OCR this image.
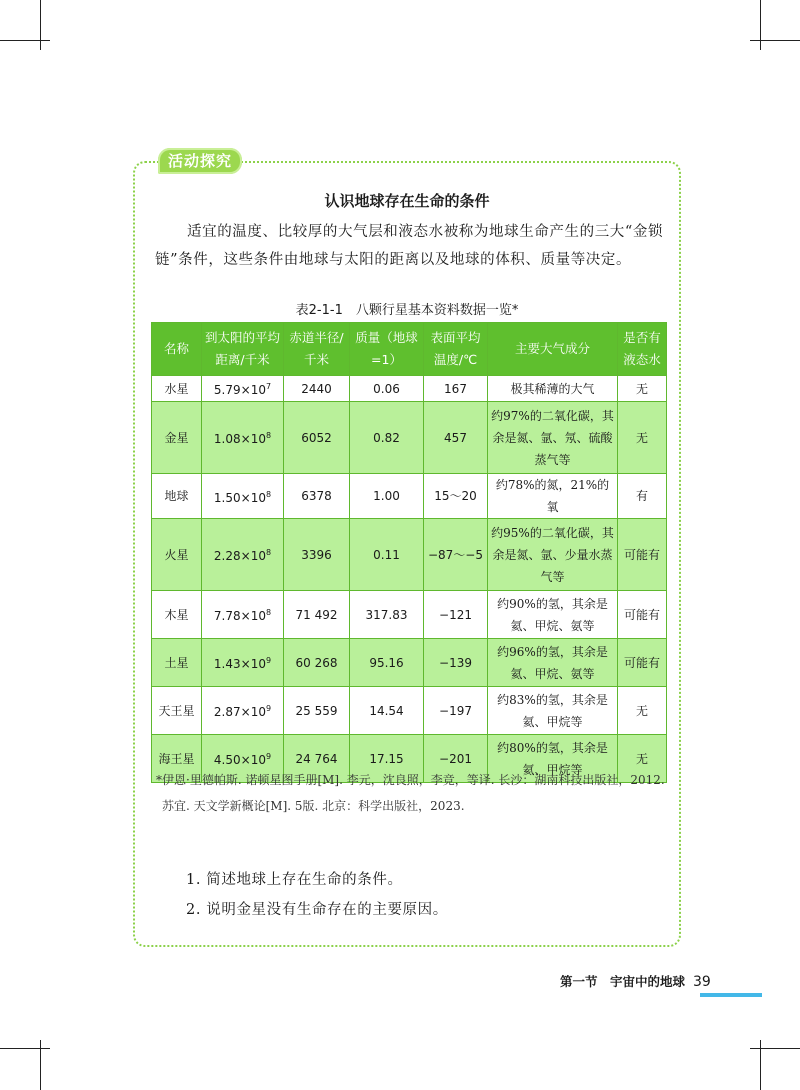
活动探究
认识地球存在生命的条件

适宜的温度、比较厚的大气层和液态水被称为地球生命产生的三大“金锁链”条件，这些条件由地球与太阳的距离以及地球的体积、质量等决定。

表2-1-1　八颗行星基本资料数据一览*
名称	到太阳的平均距离/千米	赤道半径/千米	质量（地球=1）	表面平均温度/℃	主要大气成分	是否有液态水
水星	$5.79\times 10^7$	2440	0.06	167	极其稀薄的大气	无
金星	$1.08\times 10^8$	6052	0.82	457	约97%的二氧化碳，其余是氮、氩、氖、硫酸蒸气等	无
地球	$1.50\times 10^8$	6378	1.00	15～20	约78%的氮，21%的氧	有
火星	$2.28\times 10^8$	3396	0.11	−87～−5	约95%的二氧化碳，其余是氮、氩、少量水蒸气等	可能有
木星	$7.78\times 10^8$	71 492	317.83	−121	约90%的氢，其余是氦、甲烷、氨等	可能有
土星	$1.43\times 10^9$	60 268	95.16	−139	约96%的氢，其余是氦、甲烷、氨等	可能有
天王星	$2.87\times 10^9$	25 559	14.54	−197	约83%的氢，其余是氦、甲烷等	无
海王星	$4.50\times 10^9$	24 764	17.15	−201	约80%的氢，其余是氦、甲烷等	无

*伊恩·里德帕斯. 诺顿星图手册[M]. 李元，沈良照，李竞，等译. 长沙：湖南科技出版社，2012.

苏宜. 天文学新概论[M]. 5版. 北京：科学出版社，2023.

1. 简述地球上存在生命的条件。
2. 说明金星没有生命存在的主要原因。
第一节　宇宙中的地球 39
